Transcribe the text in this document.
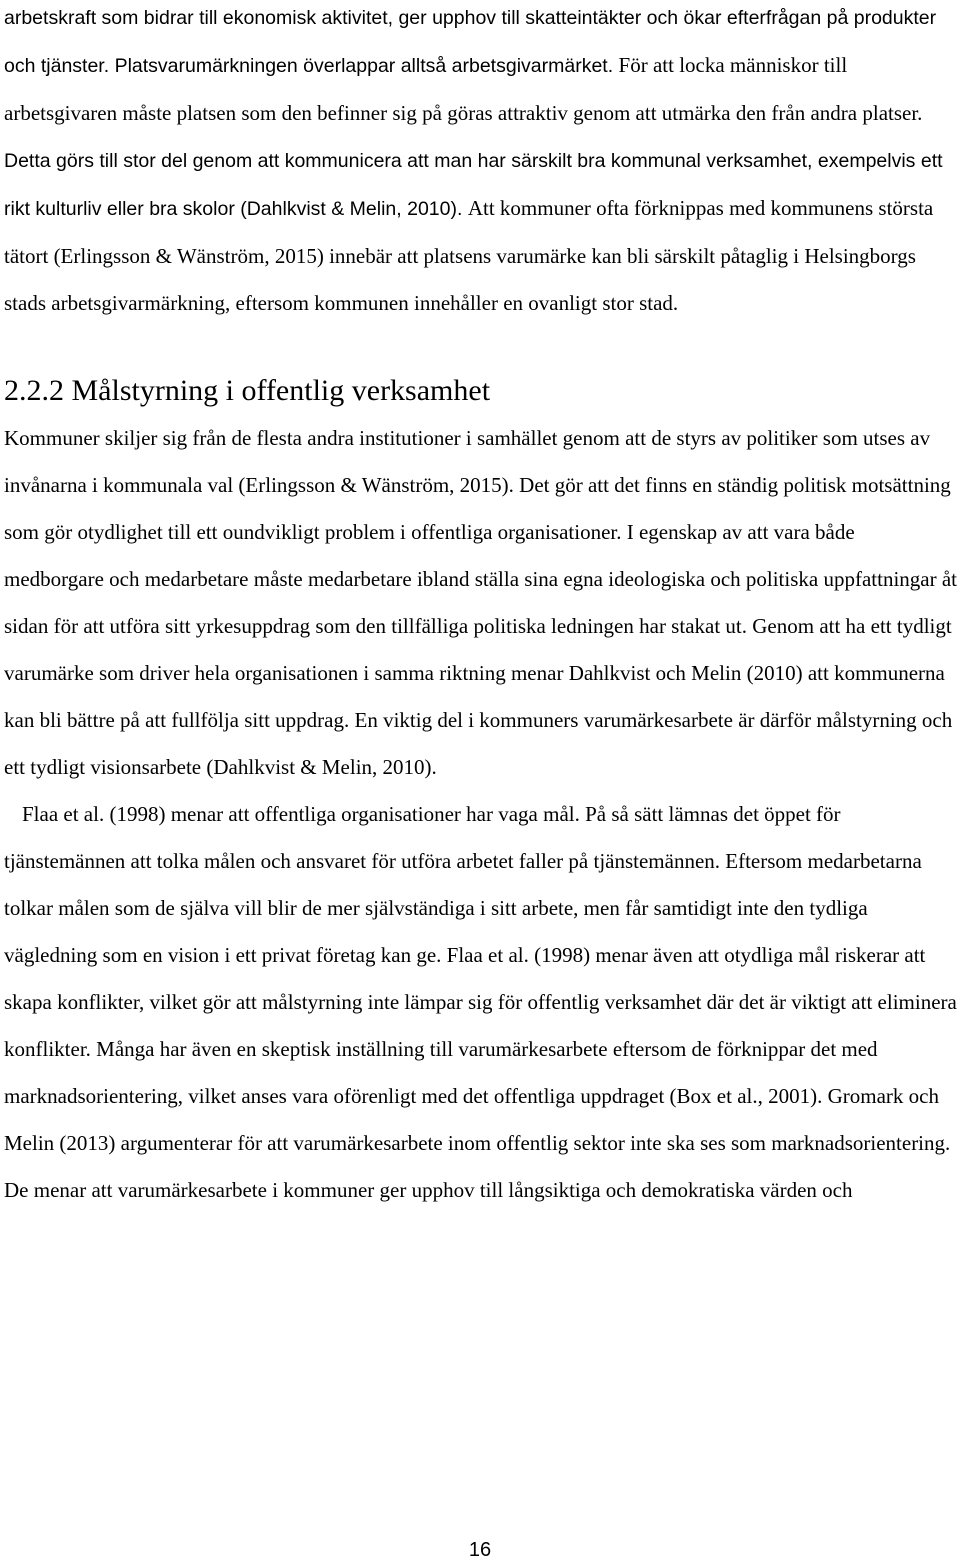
arbetskraft som bidrar till ekonomisk aktivitet, ger upphov till skatteintäkter och ökar efterfrågan på produkter och tjänster. Platsvarumärkningen överlappar alltså arbetsgivarmärket. För att locka människor till arbetsgivaren måste platsen som den befinner sig på göras attraktiv genom att utmärka den från andra platser. Detta görs till stor del genom att kommunicera att man har särskilt bra kommunal verksamhet, exempelvis ett rikt kulturliv eller bra skolor (Dahlkvist & Melin, 2010). Att kommuner ofta förknippas med kommunens största tätort (Erlingsson & Wänström, 2015) innebär att platsens varumärke kan bli särskilt påtaglig i Helsingborgs stads arbetsgivarmärkning, eftersom kommunen innehåller en ovanligt stor stad.

2.2.2 Målstyrning i offentlig verksamhet

Kommuner skiljer sig från de flesta andra institutioner i samhället genom att de styrs av politiker som utses av invånarna i kommunala val (Erlingsson & Wänström, 2015). Det gör att det finns en ständig politisk motsättning som gör otydlighet till ett oundvikligt problem i offentliga organisationer. I egenskap av att vara både medborgare och medarbetare måste medarbetare ibland ställa sina egna ideologiska och politiska uppfattningar åt sidan för att utföra sitt yrkesuppdrag som den tillfälliga politiska ledningen har stakat ut. Genom att ha ett tydligt varumärke som driver hela organisationen i samma riktning menar Dahlkvist och Melin (2010) att kommunerna kan bli bättre på att fullfölja sitt uppdrag. En viktig del i kommuners varumärkesarbete är därför målstyrning och ett tydligt visionsarbete (Dahlkvist & Melin, 2010).

Flaa et al. (1998) menar att offentliga organisationer har vaga mål. På så sätt lämnas det öppet för tjänstemännen att tolka målen och ansvaret för utföra arbetet faller på tjänstemännen. Eftersom medarbetarna tolkar målen som de själva vill blir de mer självständiga i sitt arbete, men får samtidigt inte den tydliga vägledning som en vision i ett privat företag kan ge. Flaa et al. (1998) menar även att otydliga mål riskerar att skapa konflikter, vilket gör att målstyrning inte lämpar sig för offentlig verksamhet där det är viktigt att eliminera konflikter. Många har även en skeptisk inställning till varumärkesarbete eftersom de förknippar det med marknadsorientering, vilket anses vara oförenligt med det offentliga uppdraget (Box et al., 2001). Gromark och Melin (2013) argumenterar för att varumärkesarbete inom offentlig sektor inte ska ses som marknadsorientering. De menar att varumärkesarbete i kommuner ger upphov till långsiktiga och demokratiska värden och

16
